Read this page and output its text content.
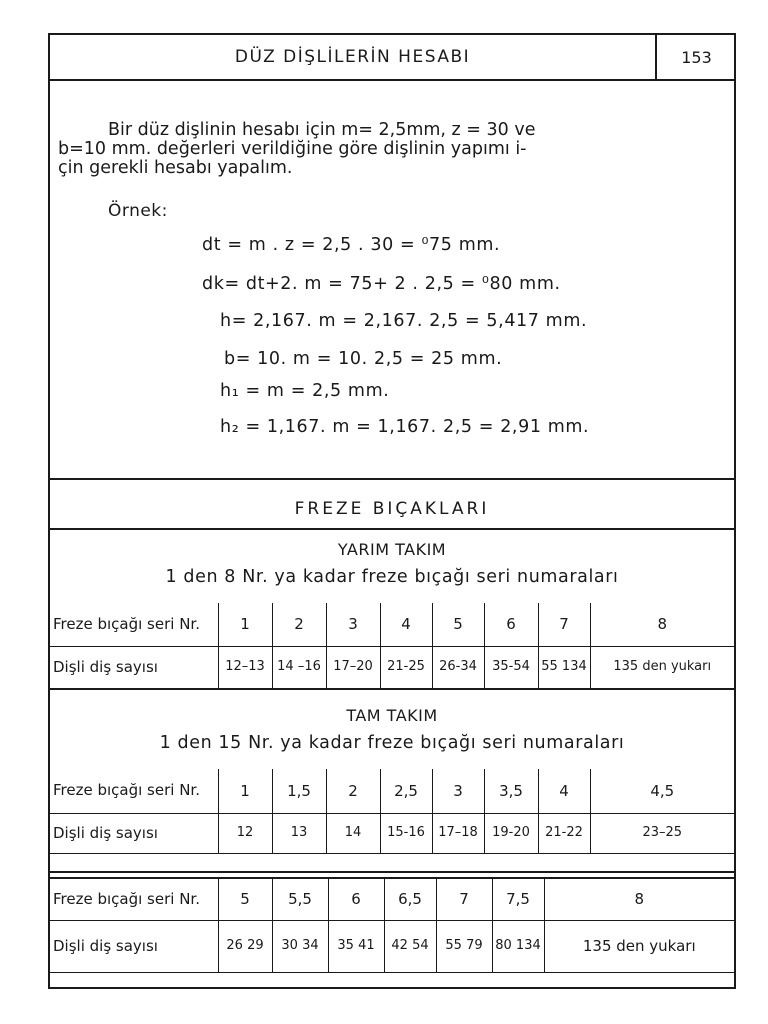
DÜZ DİŞLİLERİN HESABI	153
Bir düz dişlinin hesabı için m= 2,5mm, z = 30 ve
b=10 mm. değerleri verildiğine göre dişlinin yapımı i-
çin gerekli hesabı yapalım.
Örnek:
dt = m . z = 2,5 . 30 = ⁰75 mm.
dk= dt+2. m = 75+ 2 . 2,5 = ⁰80 mm.
h= 2,167. m = 2,167. 2,5 = 5,417 mm.
b= 10. m = 10. 2,5 = 25 mm.
h₁ = m = 2,5 mm.
h₂ = 1,167. m = 1,167. 2,5 = 2,91 mm.
FREZE BIÇAKLARI
YARIM TAKIM
1 den 8 Nr. ya kadar freze bıçağı seri numaraları
Freze bıçağı seri Nr.	1	2	3	4	5	6	7	8
Dişli diş sayısı	12–13	14 –16	17–20	21-25	26-34	35-54	55 134	135 den yukarı
TAM TAKIM
1 den 15 Nr. ya kadar freze bıçağı seri numaraları
Freze bıçağı seri Nr.	1	1,5	2	2,5	3	3,5	4	4,5
Dişli diş sayısı	12	13	14	15-16	17–18	19-20	21-22	23–25
Freze bıçağı seri Nr.	5	5,5	6	6,5	7	7,5	8
Dişli diş sayısı	26 29	30 34	35 41	42 54	55 79	80 134	135 den yukarı
